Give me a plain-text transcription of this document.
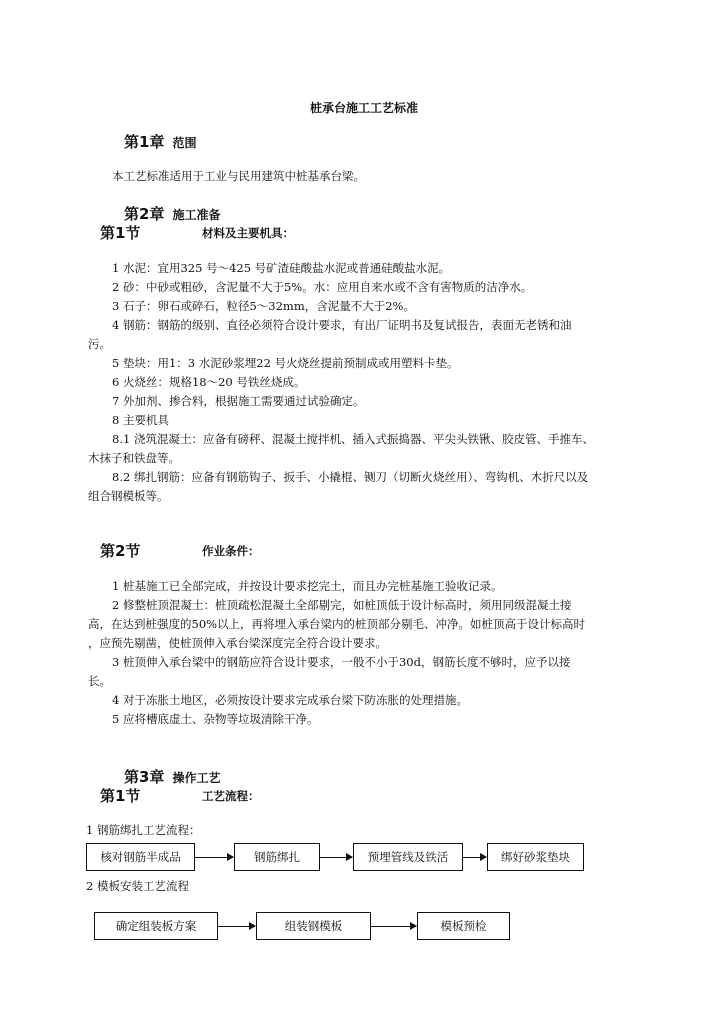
桩承台施工工艺标准
第1章 范围
本工艺标准适用于工业与民用建筑中桩基承台梁。
第2章 施工准备
第1节	材料及主要机具：
1 水泥：宜用325 号～425 号矿渣硅酸盐水泥或普通硅酸盐水泥。
2 砂：中砂或粗砂，含泥量不大于5%。水：应用自来水或不含有害物质的洁净水。
3 石子：卵石或碎石，粒径5～32mm，含泥量不大于2%。
4 钢筋：钢筋的级别、直径必须符合设计要求，有出厂证明书及复试报告，表面无老锈和油
污。
5 垫块：用1：3 水泥砂浆埋22 号火烧丝提前预制成或用塑料卡垫。
6 火烧丝：规格18～20 号铁丝烧成。
7 外加剂、掺合料，根据施工需要通过试验确定。
8 主要机具
8.1 浇筑混凝土：应备有磅秤、混凝土搅拌机、插入式振捣器、平尖头铁锹、胶皮管、手推车、
木抹子和铁盘等。
8.2 绑扎钢筋：应备有钢筋钩子、扳手、小撬棍、铡刀（切断火烧丝用）、弯钩机、木折尺以及
组合钢模板等。
第2节	作业条件：
1 桩基施工已全部完成，并按设计要求挖完土，而且办完桩基施工验收记录。
2 修整桩顶混凝土：桩顶疏松混凝土全部剔完，如桩顶低于设计标高时，须用同级混凝土接
高，在达到桩强度的50%以上，再将埋入承台梁内的桩顶部分剔毛、冲净。如桩顶高于设计标高时
，应预先剔凿，使桩顶伸入承台梁深度完全符合设计要求。
3 桩顶伸入承台梁中的钢筋应符合设计要求，一般不小于30d，钢筋长度不够时，应予以接
长。
4 对于冻胀土地区，必须按设计要求完成承台梁下防冻胀的处理措施。
5 应将槽底虚土、杂物等垃圾清除干净。
第3章 操作工艺
第1节	工艺流程：
1 钢筋绑扎工艺流程：
核对钢筋半成品	钢筋绑扎	预埋管线及铁活	绑好砂浆垫块
2 模板安装工艺流程
确定组装板方案	组装钢模板	模板预检
